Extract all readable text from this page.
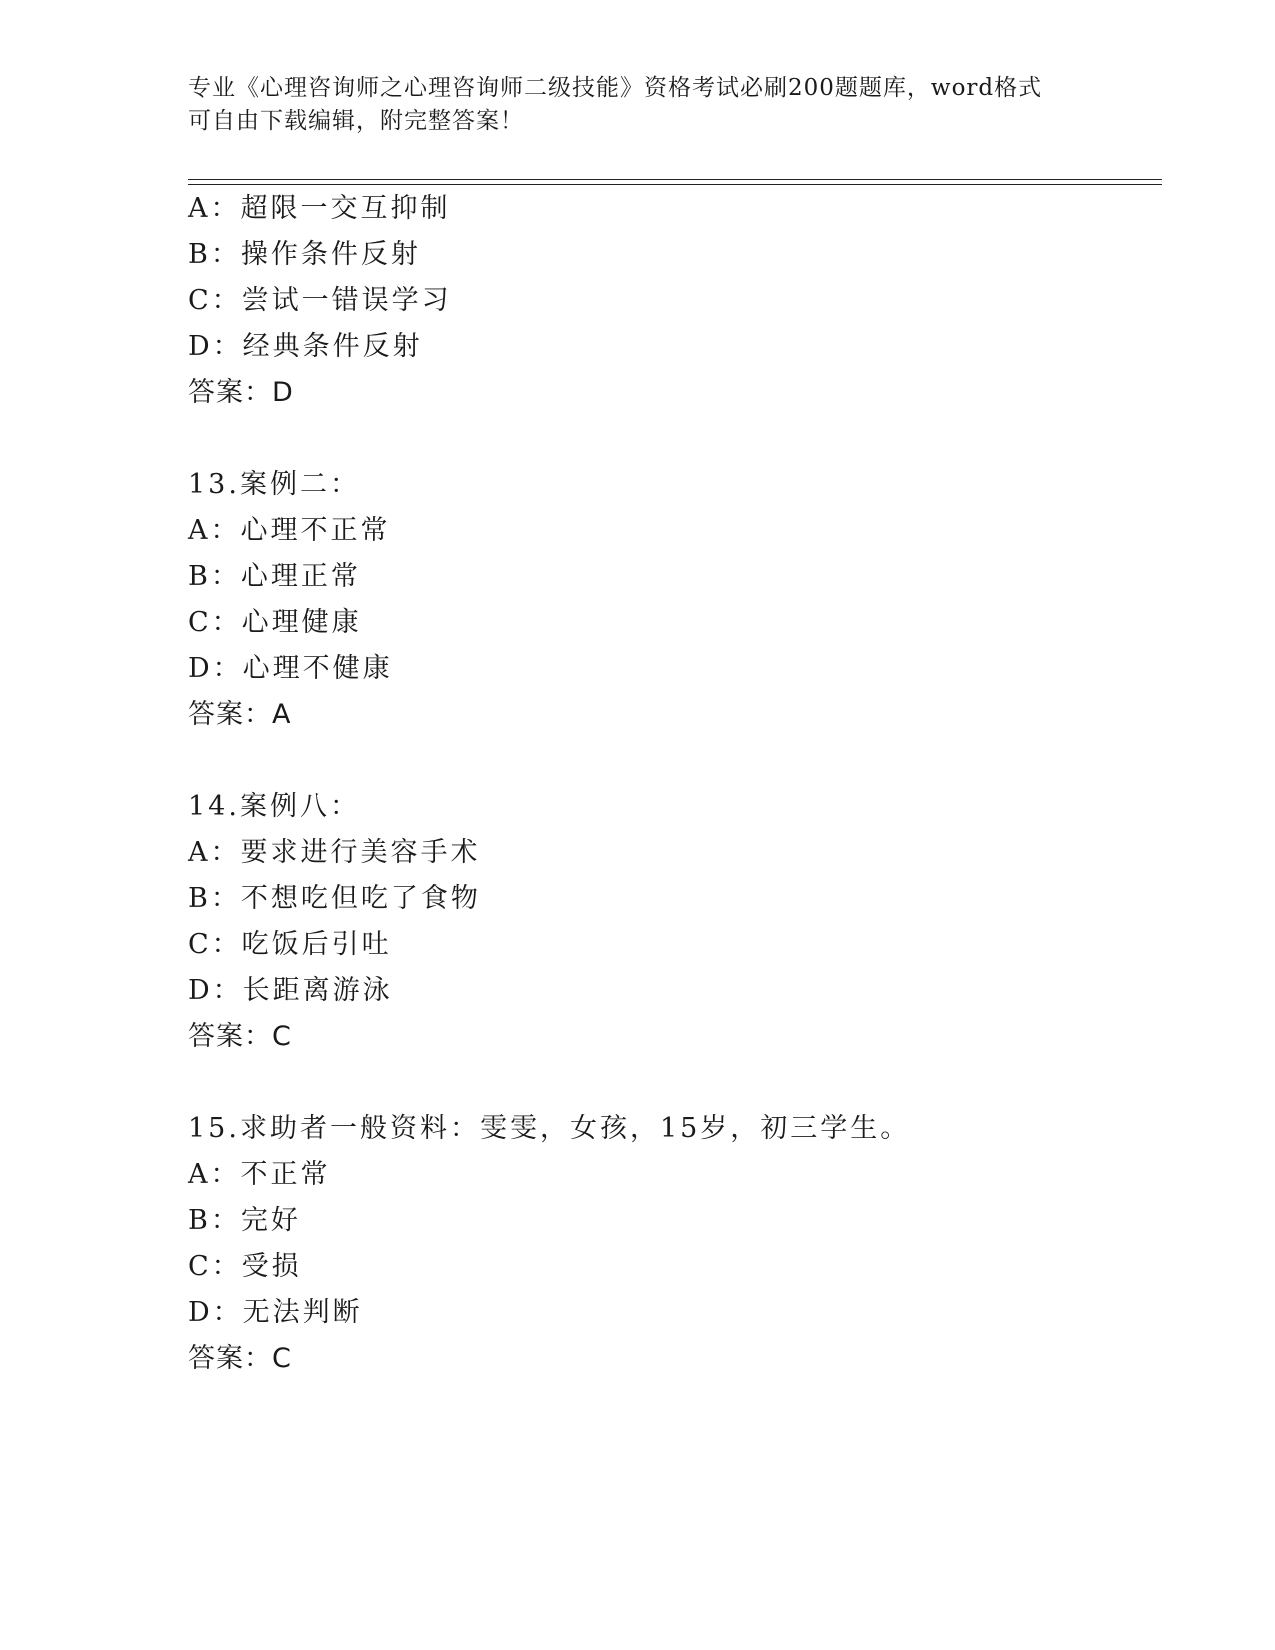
专业《心理咨询师之心理咨询师二级技能》资格考试必刷200题题库，word格式
可自由下载编辑，附完整答案！
A：超限一交互抑制
B：操作条件反射
C：尝试一错误学习
D：经典条件反射
答案：D
13.案例二：
A：心理不正常
B：心理正常
C：心理健康
D：心理不健康
答案：A
14.案例八：
A：要求进行美容手术
B：不想吃但吃了食物
C：吃饭后引吐
D：长距离游泳
答案：C
15.求助者一般资料：雯雯，女孩，15岁，初三学生。
A：不正常
B：完好
C：受损
D：无法判断
答案：C
